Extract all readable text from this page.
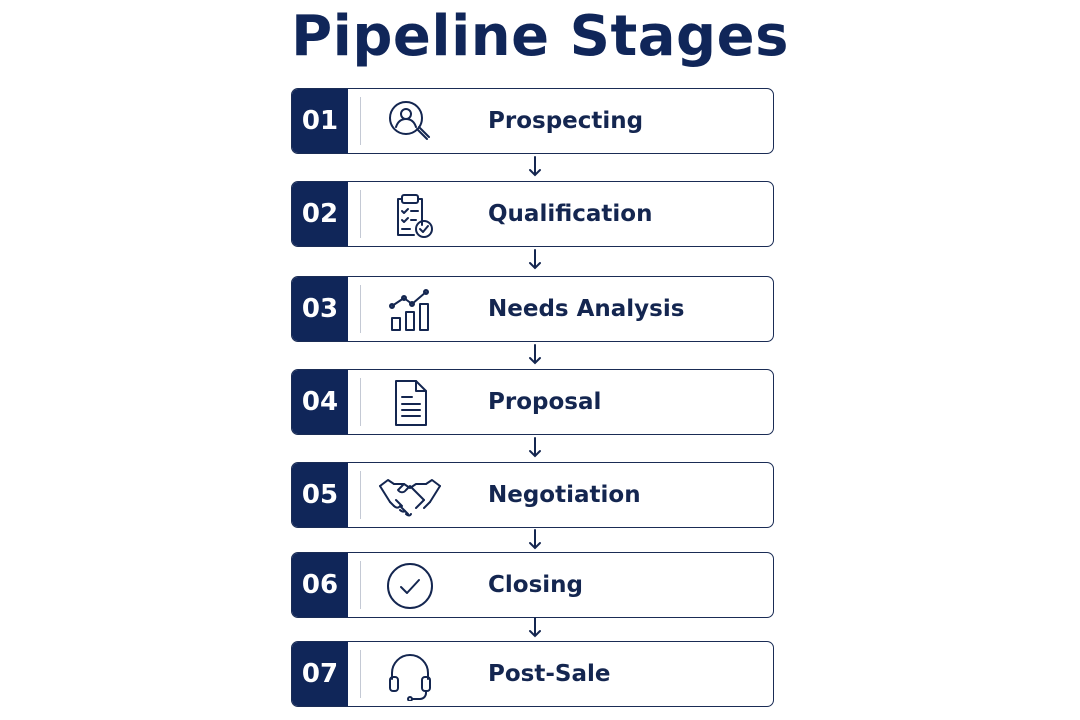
Pipeline Stages
01	Prospecting
02	Qualification
03	Needs Analysis
04	Proposal
05	Negotiation
06	Closing
07	Post-Sale
